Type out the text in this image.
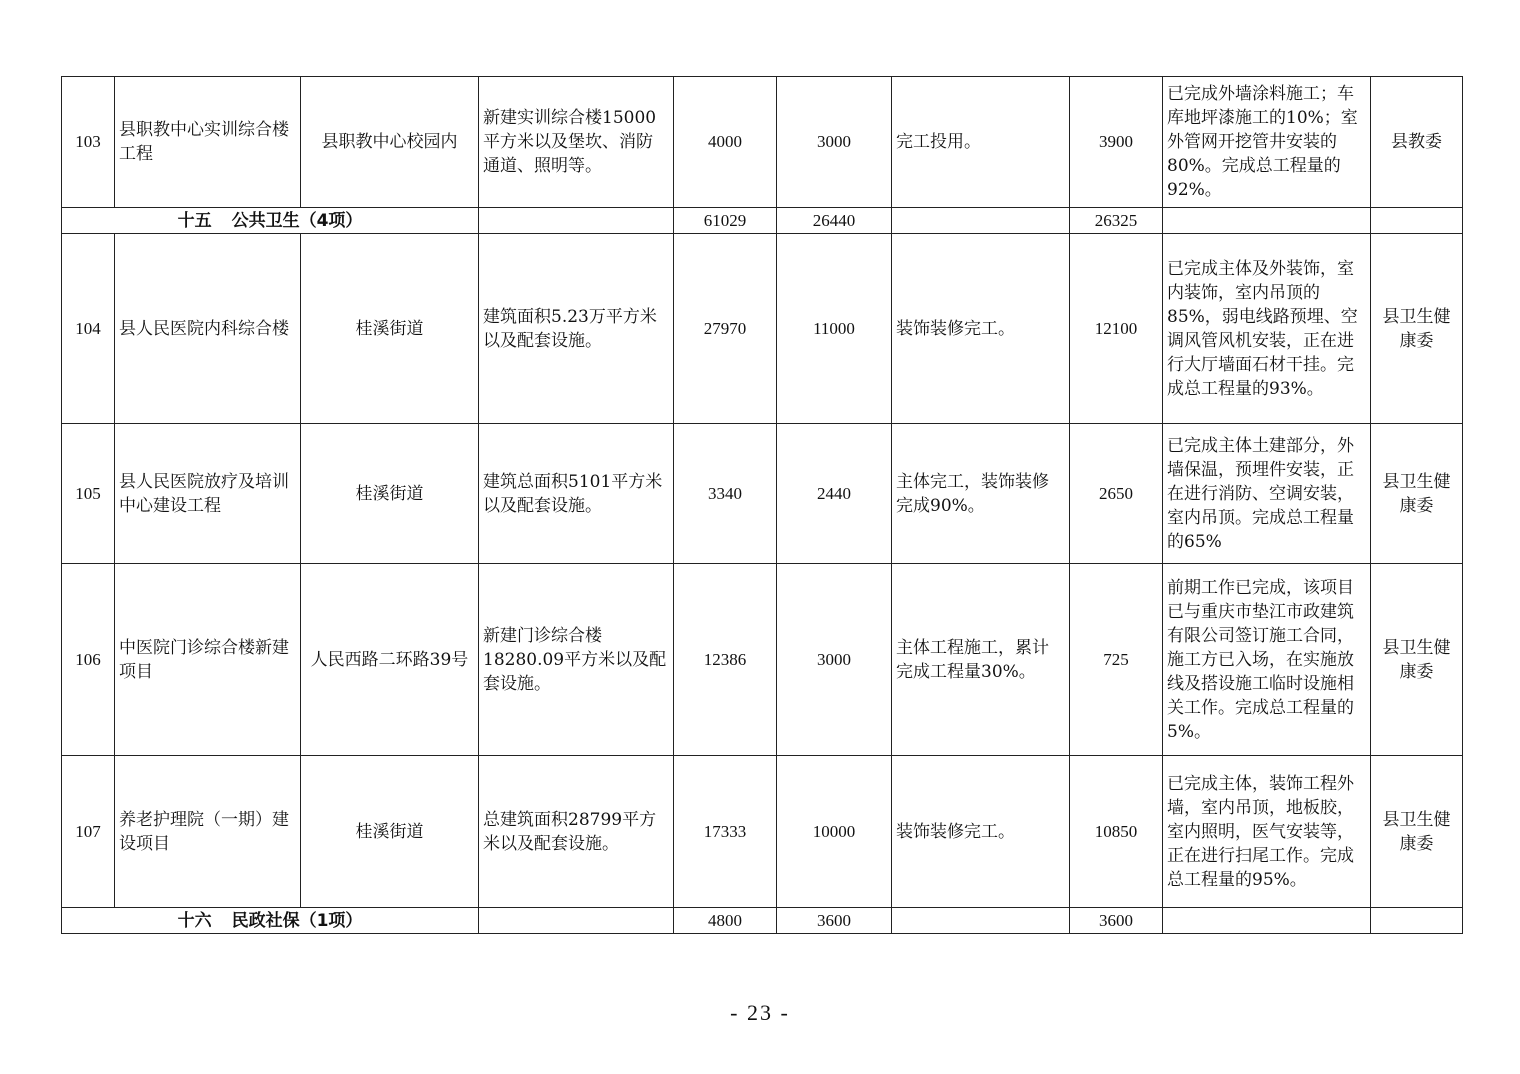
103	县职教中心实训综合楼工程	县职教中心校园内	新建实训综合楼15000平方米以及堡坎、消防通道、照明等。	4000	3000	完工投用。	3900	已完成外墙涂料施工；车库地坪漆施工的10%；室外管网开挖管井安装的80%。完成总工程量的92%。	县教委
十五 公共卫生（4项）				61029	26440		26325		
104	县人民医院内科综合楼	桂溪街道	建筑面积5.23万平方米以及配套设施。	27970	11000	装饰装修完工。	12100	已完成主体及外装饰，室内装饰，室内吊顶的85%，弱电线路预埋、空调风管风机安装，正在进行大厅墙面石材干挂。完成总工程量的93%。	县卫生健康委
105	县人民医院放疗及培训中心建设工程	桂溪街道	建筑总面积5101平方米以及配套设施。	3340	2440	主体完工，装饰装修完成90%。	2650	已完成主体土建部分，外墙保温，预埋件安装，正在进行消防、空调安装，室内吊顶。完成总工程量的65%	县卫生健康委
106	中医院门诊综合楼新建项目	人民西路二环路39号	新建门诊综合楼18280.09平方米以及配套设施。	12386	3000	主体工程施工，累计完成工程量30%。	725	前期工作已完成，该项目已与重庆市垫江市政建筑有限公司签订施工合同，施工方已入场，在实施放线及搭设施工临时设施相关工作。完成总工程量的5%。	县卫生健康委
107	养老护理院（一期）建设项目	桂溪街道	总建筑面积28799平方米以及配套设施。	17333	10000	装饰装修完工。	10850	已完成主体，装饰工程外墙，室内吊顶，地板胶，室内照明，医气安装等，正在进行扫尾工作。完成总工程量的95%。	县卫生健康委
十六 民政社保（1项）				4800	3600		3600		
- 23 -
